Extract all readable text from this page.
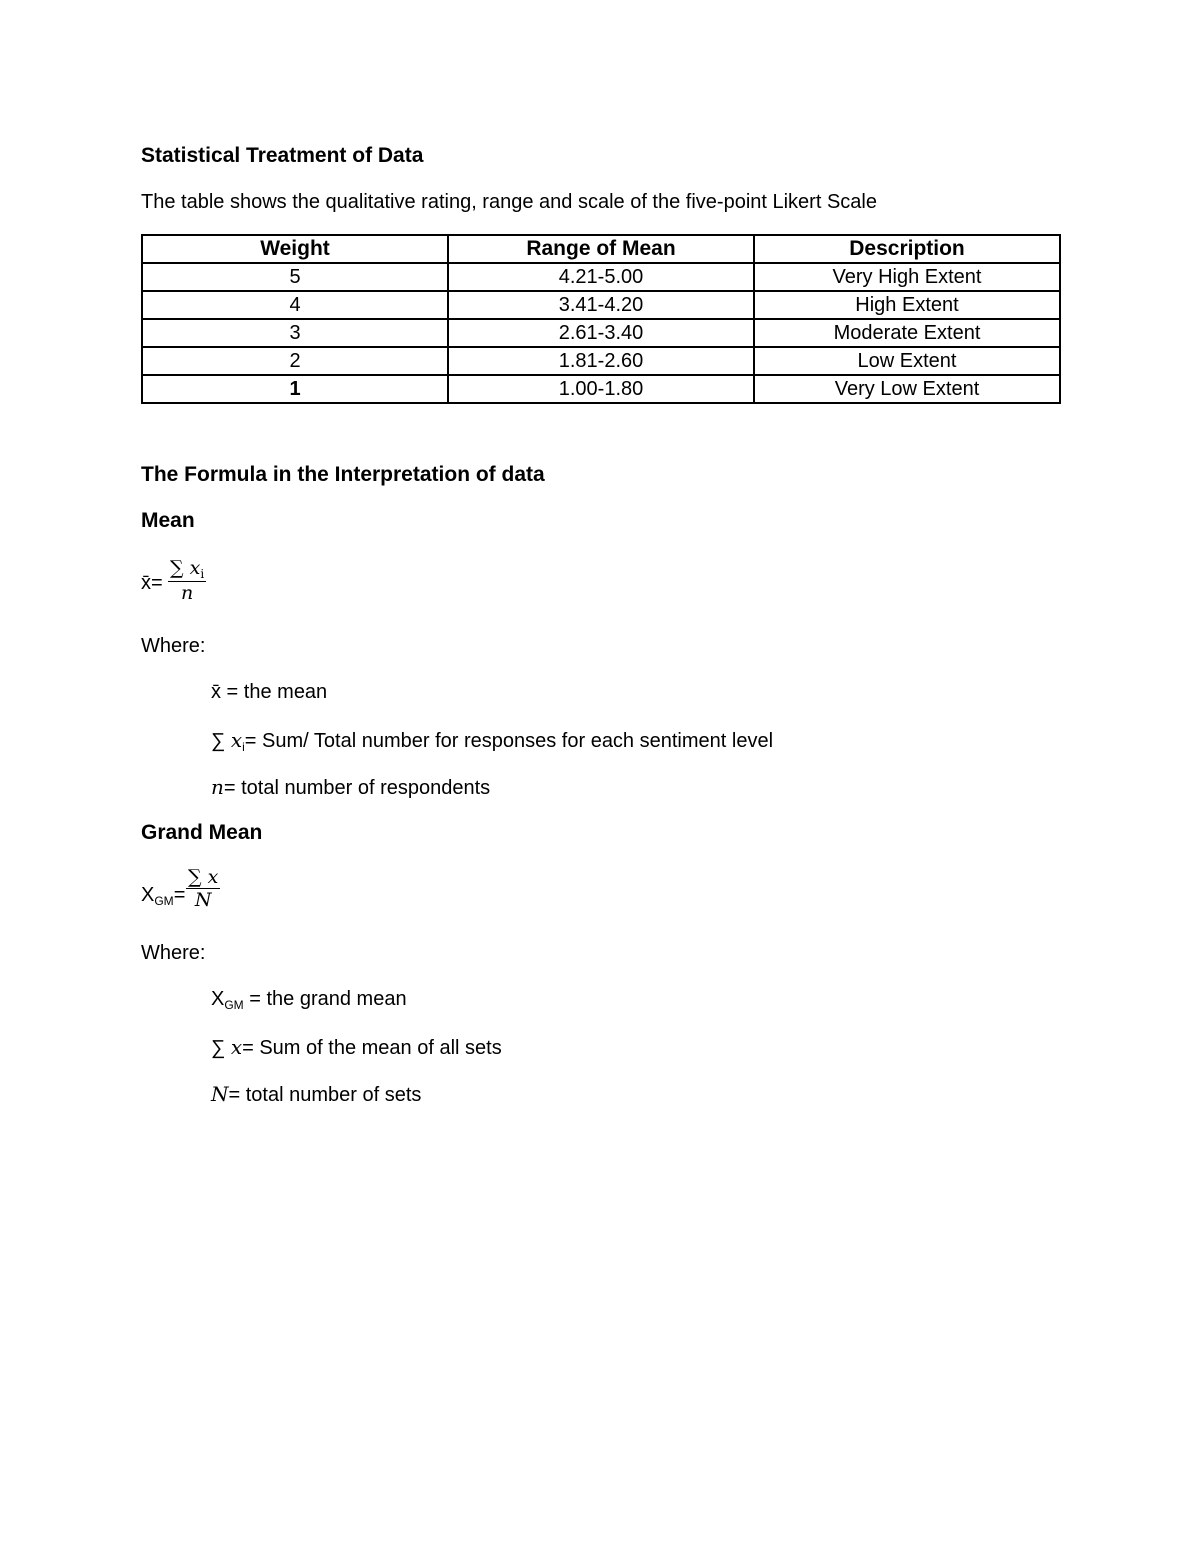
Statistical Treatment of Data
The table shows the qualitative rating, range and scale of the five-point Likert Scale
Weight	Range of Mean	Description
5	4.21-5.00	Very High Extent
4	3.41-4.20	High Extent
3	2.61-3.40	Moderate Extent
2	1.81-2.60	Low Extent
1	1.00-1.80	Very Low Extent
The Formula in the Interpretation of data
Mean
x̄= $\frac{\sum x_i}{n}$
Where:
x̄ = the mean
∑ $x_i= Sum/$ Total number for responses for each sentiment level
n= total number of respondents
Grand Mean
$X_{GM}= \frac{\sum x}{N}$
Where:
$X_{GM}$ = the grand mean
∑ x= Sum of the mean of all sets
N= total number of sets
